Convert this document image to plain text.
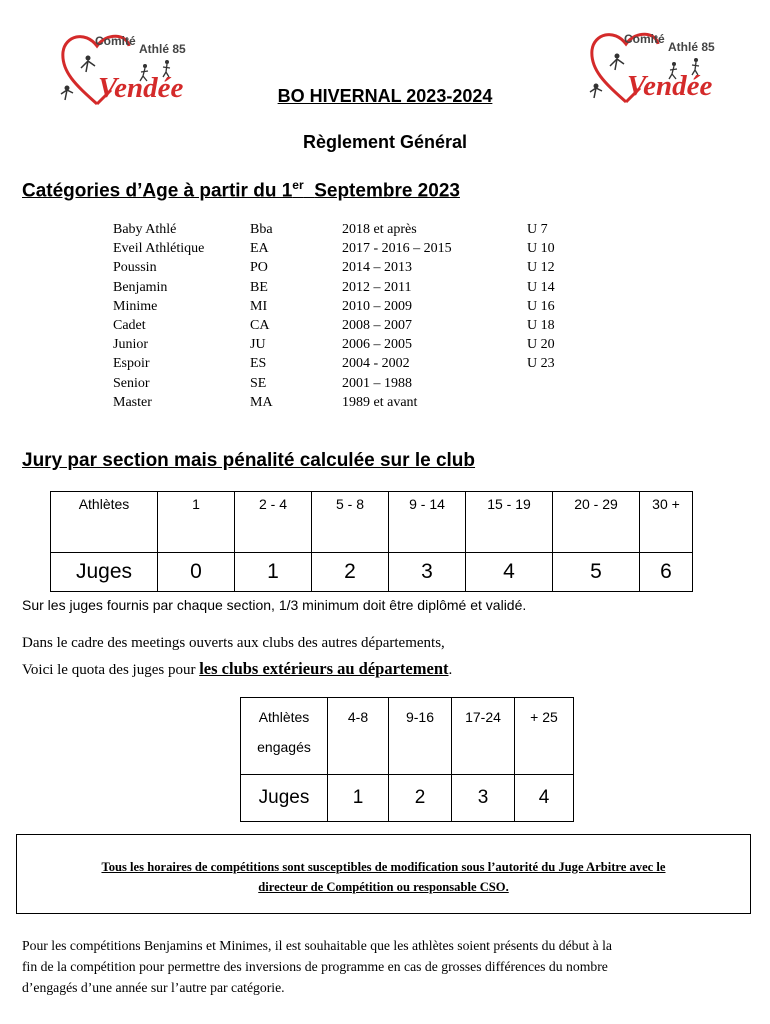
Comité
Athlé 85
Vendée
Comité
Athlé 85
Vendée
BO HIVERNAL 2023-2024
Règlement Général
Catégories d’Age à partir du 1er Septembre 2023
Baby Athlé	Bba	2018 et après	U 7
Eveil Athlétique	EA	2017 - 2016 – 2015	U 10
Poussin	PO	2014 – 2013	U 12
Benjamin	BE	2012 – 2011	U 14
Minime	MI	2010 – 2009	U 16
Cadet	CA	2008 – 2007	U 18
Junior	JU	2006 – 2005	U 20
Espoir	ES	2004 - 2002	U 23
Senior	SE	2001 – 1988
Master	MA	1989 et avant
Jury par section mais pénalité calculée sur le club
Athlètes	1	2 - 4	5 - 8	9 - 14	15 - 19	20 - 29	30 +
Juges	0	1	2	3	4	5	6
Sur les juges fournis par chaque section, 1/3 minimum doit être diplômé et validé.
Dans le cadre des meetings ouverts aux clubs des autres départements,
Voici le quota des juges pour les clubs extérieurs au département.
Athlètes
engagés	4-8	9-16	17-24	+ 25
Juges	1	2	3	4
Tous les horaires de compétitions sont susceptibles de modification sous l’autorité du Juge Arbitre avec le
directeur de Compétition ou responsable CSO.
Pour les compétitions Benjamins et Minimes, il est souhaitable que les athlètes soient présents du début à la
fin de la compétition pour permettre des inversions de programme en cas de grosses différences du nombre
d’engagés d’une année sur l’autre par catégorie.
